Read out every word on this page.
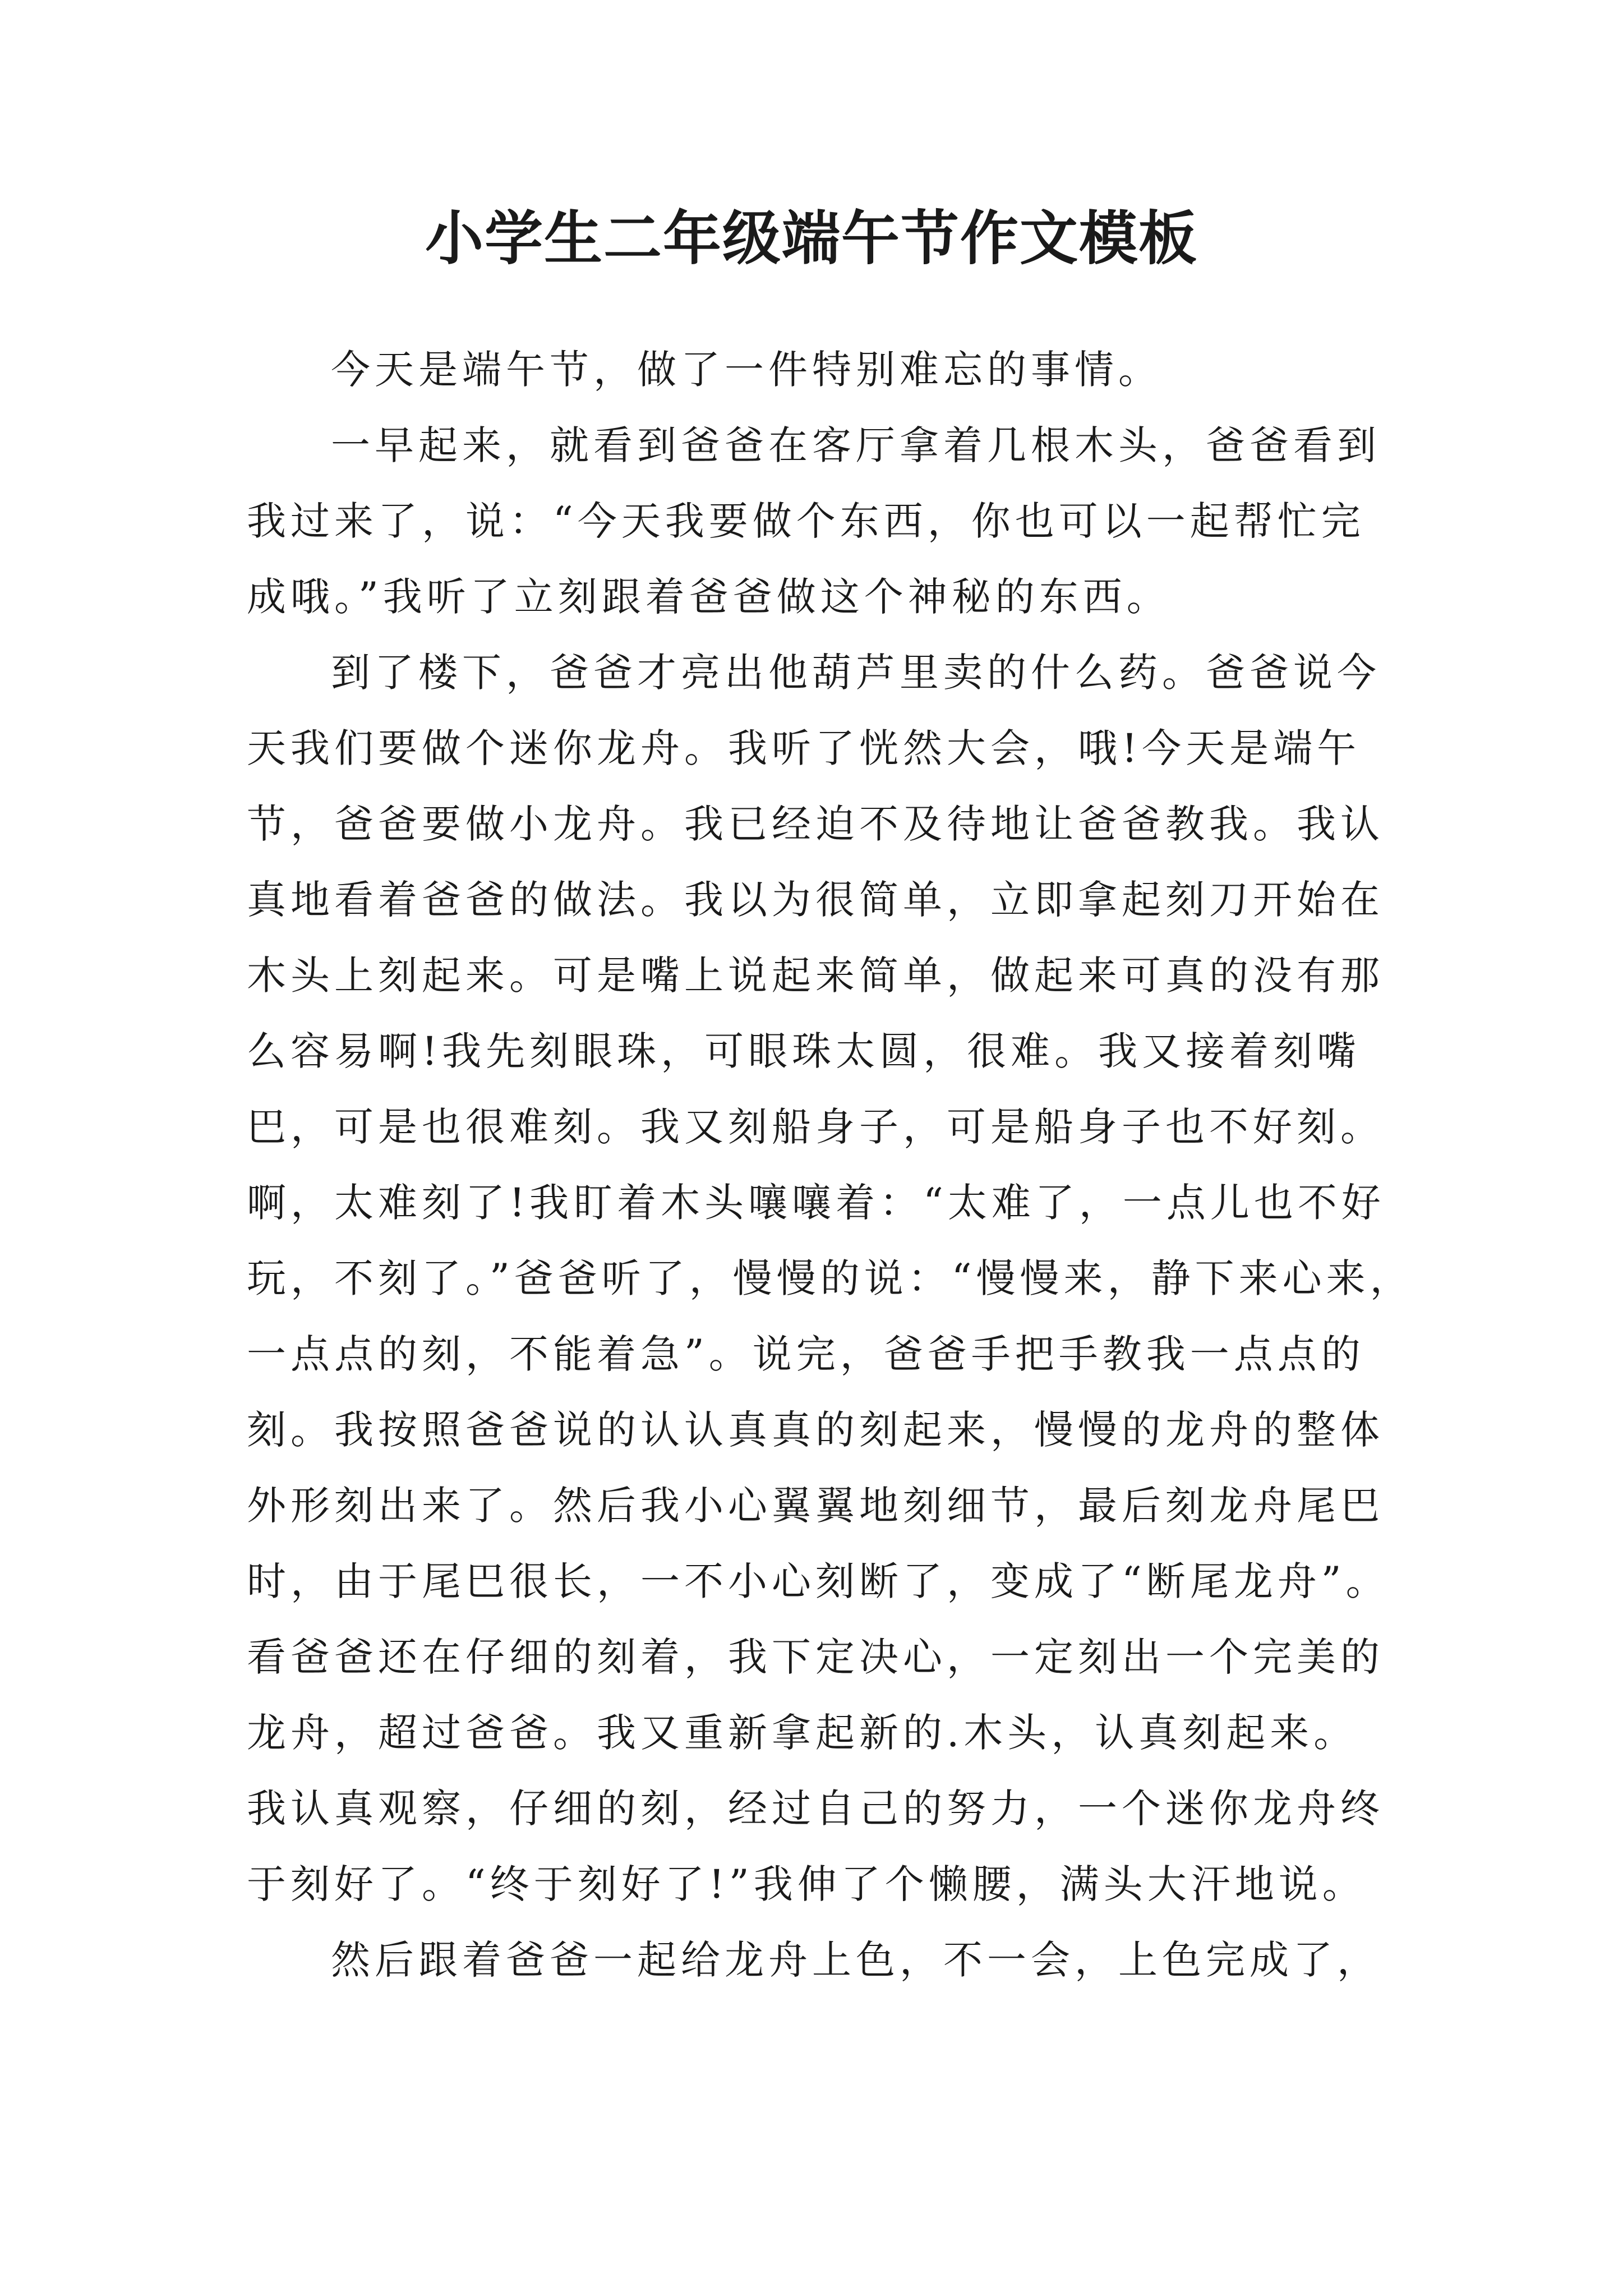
小学生二年级端午节作文模板
今天是端午节，做了一件特别难忘的事情。
一早起来，就看到爸爸在客厅拿着几根木头，爸爸看到
我过来了，说：“今天我要做个东西，你也可以一起帮忙完
成哦。”我听了立刻跟着爸爸做这个神秘的东西。
到了楼下，爸爸才亮出他葫芦里卖的什么药。爸爸说今
天我们要做个迷你龙舟。我听了恍然大会，哦!今天是端午
节，爸爸要做小龙舟。我已经迫不及待地让爸爸教我。我认
真地看着爸爸的做法。我以为很简单，立即拿起刻刀开始在
木头上刻起来。可是嘴上说起来简单，做起来可真的没有那
么容易啊!我先刻眼珠，可眼珠太圆，很难。我又接着刻嘴
巴，可是也很难刻。我又刻船身子，可是船身子也不好刻。
啊，太难刻了!我盯着木头嚷嚷着：“太难了，一点儿也不好
玩，不刻了。”爸爸听了，慢慢的说：“慢慢来，静下来心来，
一点点的刻，不能着急”。说完，爸爸手把手教我一点点的
刻。我按照爸爸说的认认真真的刻起来，慢慢的龙舟的整体
外形刻出来了。然后我小心翼翼地刻细节，最后刻龙舟尾巴
时，由于尾巴很长，一不小心刻断了，变成了“断尾龙舟”。
看爸爸还在仔细的刻着，我下定决心，一定刻出一个完美的
龙舟，超过爸爸。我又重新拿起新的.木头，认真刻起来。
我认真观察，仔细的刻，经过自己的努力，一个迷你龙舟终
于刻好了。“终于刻好了!”我伸了个懒腰，满头大汗地说。
然后跟着爸爸一起给龙舟上色，不一会，上色完成了，
